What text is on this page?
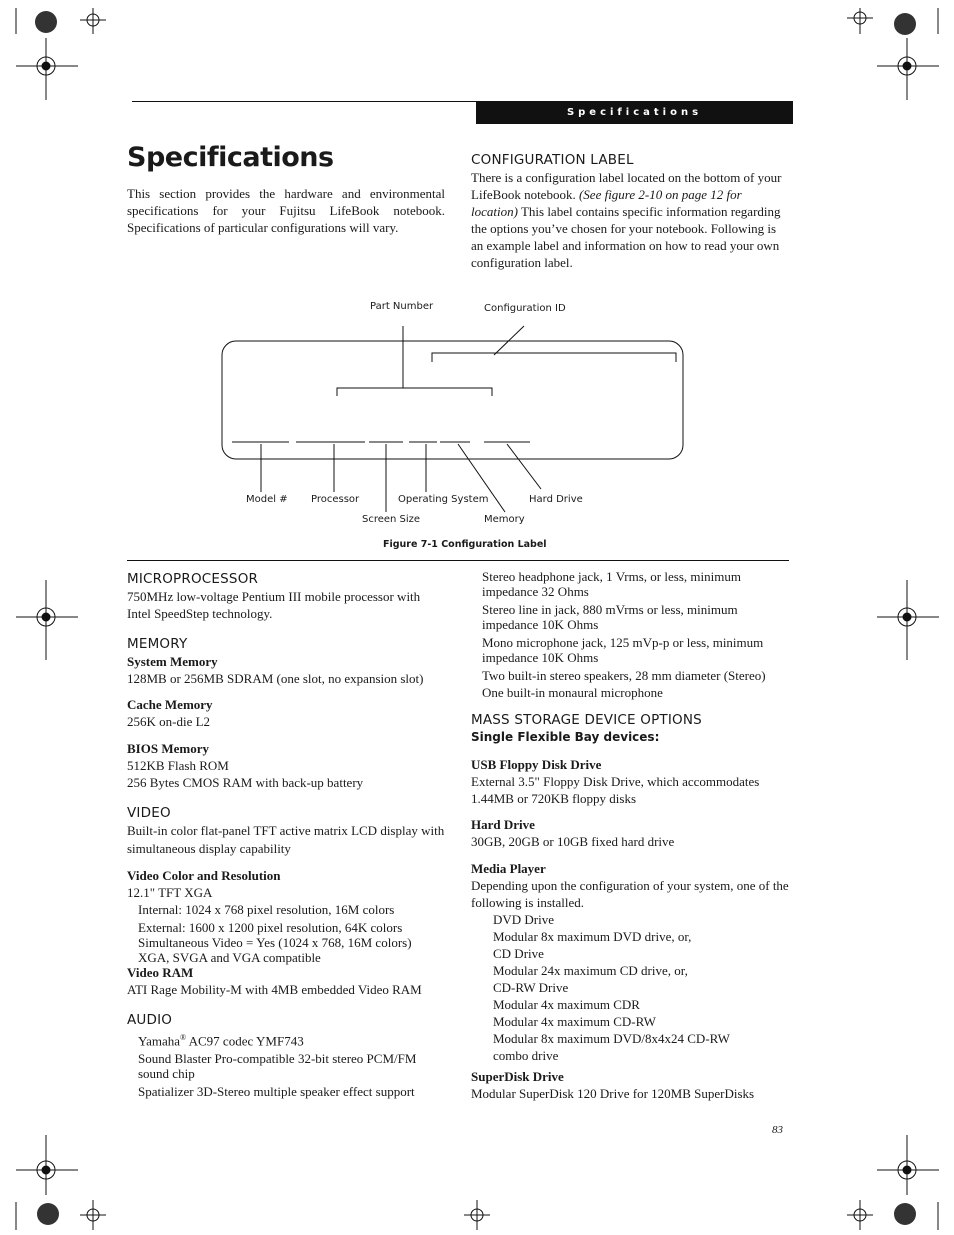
Specifications
Specifications

This section provides the hardware and environmental specifications for your Fujitsu LifeBook notebook. Specifications of particular configurations will vary.

CONFIGURATION LABEL

There is a configuration label located on the bottom of your LifeBook notebook. (See figure 2-10 on page 12 for location) This label contains specific information regarding the options you’ve chosen for your notebook. Following is an example label and information on how to read your own configuration label.

Part Number	Configuration ID
Model # Processor	Operating System	Hard Drive
Screen Size	Memory
Figure 7-1 Configuration Label
MICROPROCESSOR

750MHz low-voltage Pentium III mobile processor with Intel SpeedStep technology.

MEMORY

System Memory

128MB or 256MB SDRAM (one slot, no expansion slot)

Cache Memory

256K on-die L2

BIOS Memory

512KB Flash ROM

256 Bytes CMOS RAM with back-up battery

VIDEO

Built-in color flat-panel TFT active matrix LCD display with simultaneous display capability

Video Color and Resolution

12.1" TFT XGA

Internal: 1024 x 768 pixel resolution, 16M colors

External: 1600 x 1200 pixel resolution, 64K colors

Simultaneous Video = Yes (1024 x 768, 16M colors)

XGA, SVGA and VGA compatible

Video RAM

ATI Rage Mobility-M with 4MB embedded Video RAM

AUDIO

Yamaha® AC97 codec YMF743

Sound Blaster Pro-compatible 32-bit stereo PCM/FM sound chip

Spatializer 3D-Stereo multiple speaker effect support

Stereo headphone jack, 1 Vrms, or less, minimum impedance 32 Ohms

Stereo line in jack, 880 mVrms or less, minimum impedance 10K Ohms

Mono microphone jack, 125 mVp-p or less, minimum impedance 10K Ohms

Two built-in stereo speakers, 28 mm diameter (Stereo)

One built-in monaural microphone

MASS STORAGE DEVICE OPTIONS

Single Flexible Bay devices:

USB Floppy Disk Drive

External 3.5" Floppy Disk Drive, which accommodates 1.44MB or 720KB floppy disks

Hard Drive

30GB, 20GB or 10GB fixed hard drive

Media Player

Depending upon the configuration of your system, one of the following is installed.

DVD Drive

Modular 8x maximum DVD drive, or,

CD Drive

Modular 24x maximum CD drive, or,

CD-RW Drive

Modular 4x maximum CDR

Modular 4x maximum CD-RW

Modular 8x maximum DVD/8x4x24 CD-RW combo drive

SuperDisk Drive

Modular SuperDisk 120 Drive for 120MB SuperDisks

83
